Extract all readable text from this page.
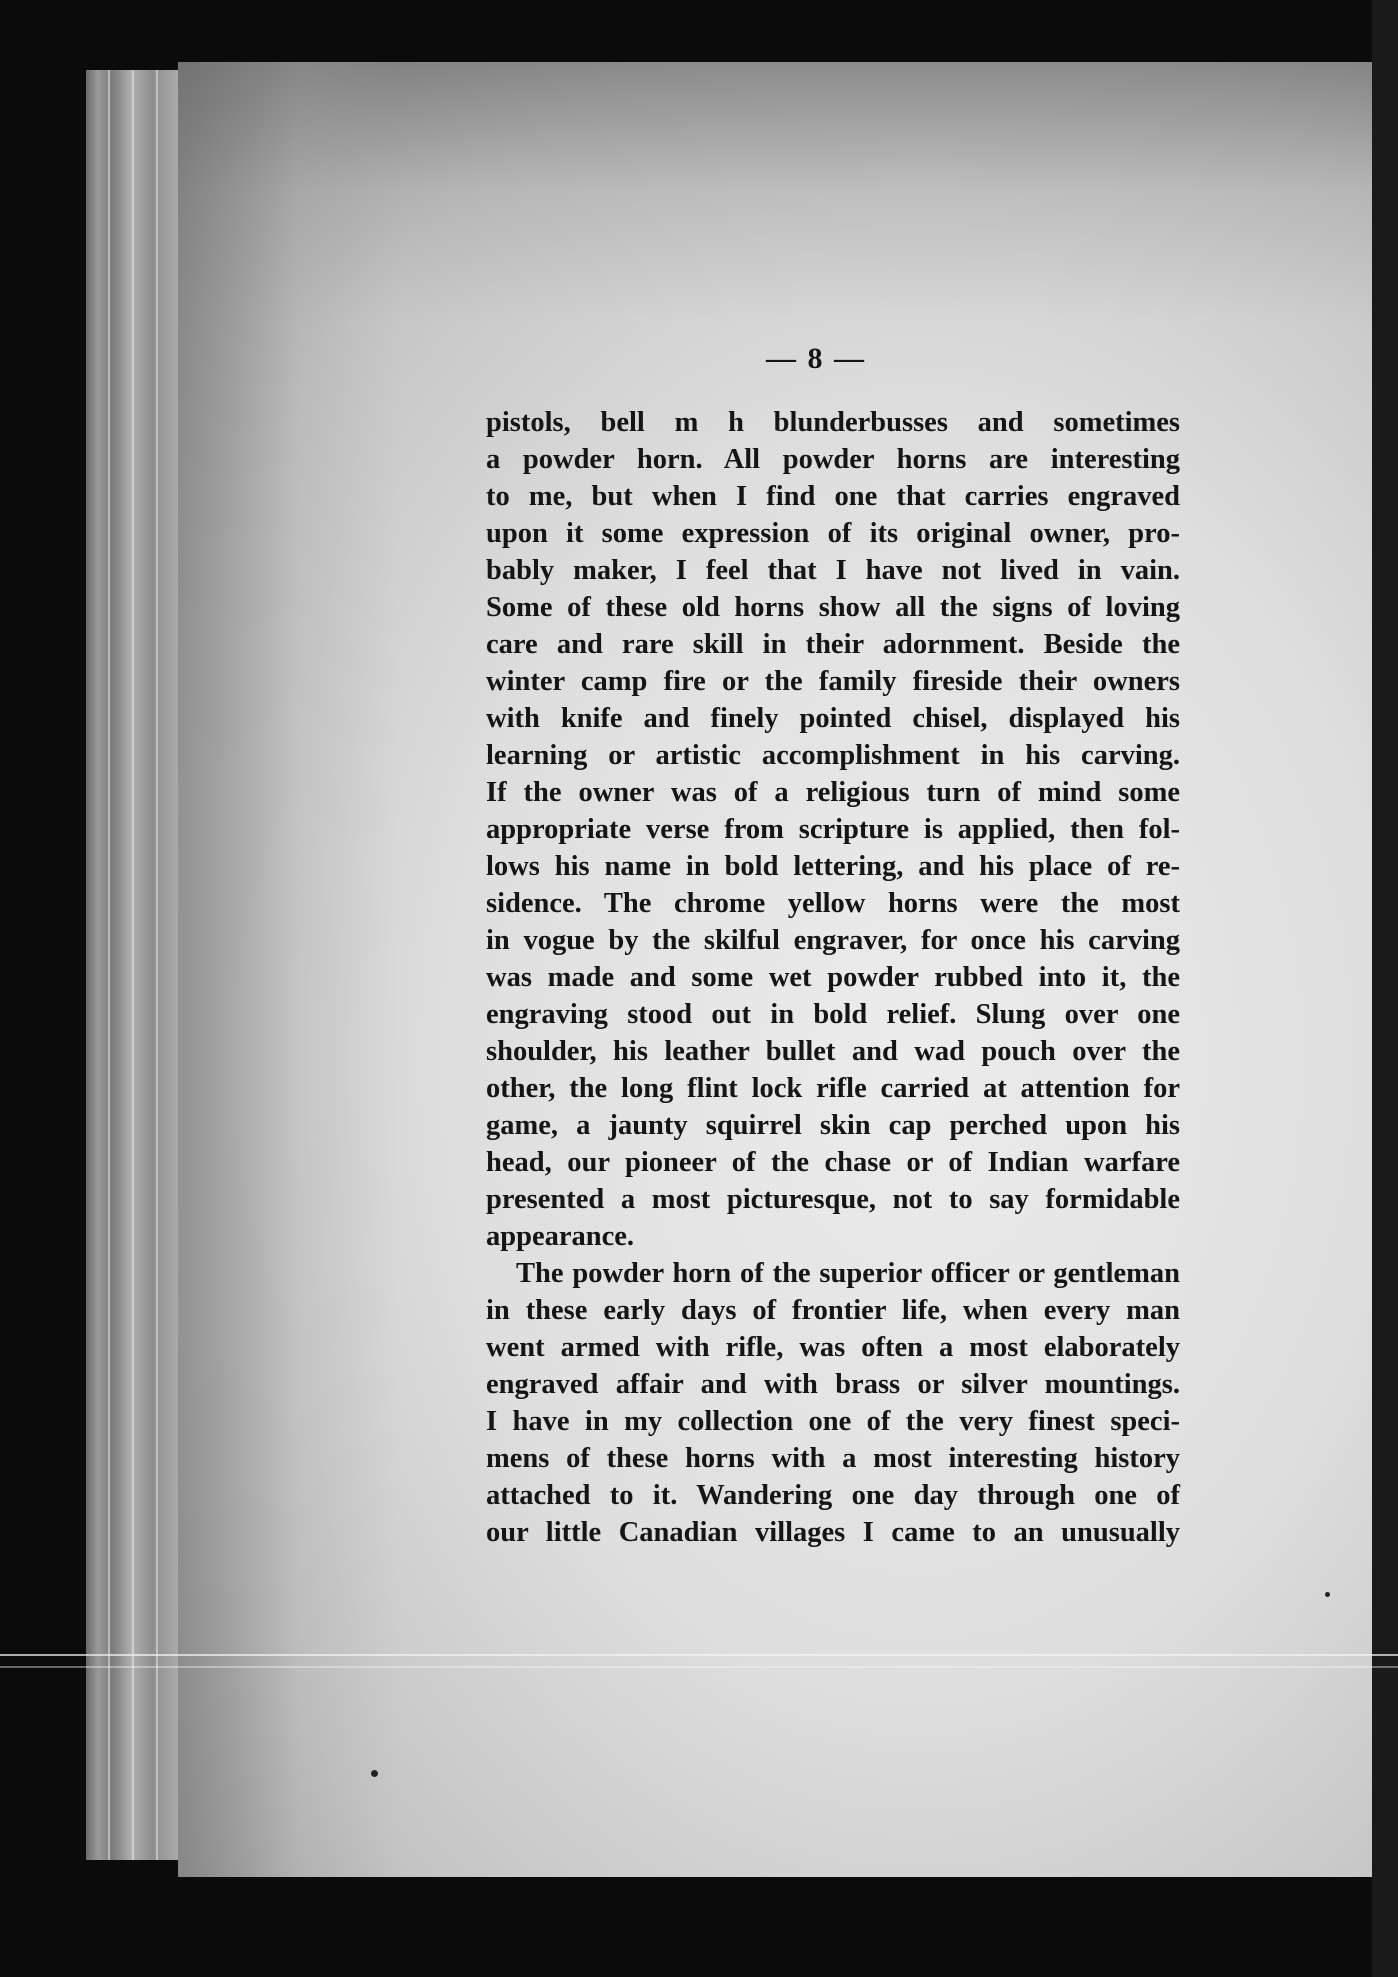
— 8 —
pistols, bell m h blunderbusses and sometimes
a powder horn. All powder horns are interesting
to me, but when I find one that carries engraved
upon it some expression of its original owner, pro-
bably maker, I feel that I have not lived in vain.
Some of these old horns show all the signs of loving
care and rare skill in their adornment. Beside the
winter camp fire or the family fireside their owners
with knife and finely pointed chisel, displayed his
learning or artistic accomplishment in his carving.
If the owner was of a religious turn of mind some
appropriate verse from scripture is applied, then fol-
lows his name in bold lettering, and his place of re-
sidence. The chrome yellow horns were the most
in vogue by the skilful engraver, for once his carving
was made and some wet powder rubbed into it, the
engraving stood out in bold relief. Slung over one
shoulder, his leather bullet and wad pouch over the
other, the long flint lock rifle carried at attention for
game, a jaunty squirrel skin cap perched upon his
head, our pioneer of the chase or of Indian warfare
presented a most picturesque, not to say formidable
appearance.
The powder horn of the superior officer or gentleman
in these early days of frontier life, when every man
went armed with rifle, was often a most elaborately
engraved affair and with brass or silver mountings.
I have in my collection one of the very finest speci-
mens of these horns with a most interesting history
attached to it. Wandering one day through one of
our little Canadian villages I came to an unusually
